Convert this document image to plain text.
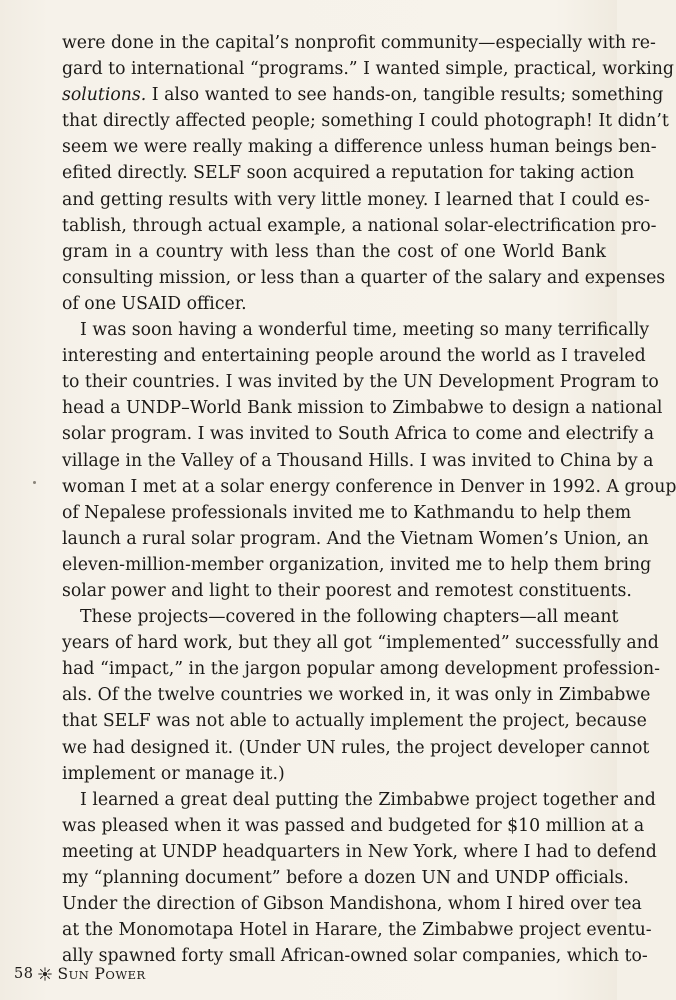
were done in the capital’s nonprofit community—especially with re-
gard to international “programs.” I wanted simple, practical, working
solutions. I also wanted to see hands-on, tangible results; something
that directly affected people; something I could photograph! It didn’t
seem we were really making a difference unless human beings ben-
efited directly. SELF soon acquired a reputation for taking action
and getting results with very little money. I learned that I could es-
tablish, through actual example, a national solar-electrification pro-
gram in a country with less than the cost of one World Bank
consulting mission, or less than a quarter of the salary and expenses
of one USAID officer.
I was soon having a wonderful time, meeting so many terrifically
interesting and entertaining people around the world as I traveled
to their countries. I was invited by the UN Development Program to
head a UNDP–World Bank mission to Zimbabwe to design a national
solar program. I was invited to South Africa to come and electrify a
village in the Valley of a Thousand Hills. I was invited to China by a
woman I met at a solar energy conference in Denver in 1992. A group
of Nepalese professionals invited me to Kathmandu to help them
launch a rural solar program. And the Vietnam Women’s Union, an
eleven-million-member organization, invited me to help them bring
solar power and light to their poorest and remotest constituents.
These projects—covered in the following chapters—all meant
years of hard work, but they all got “implemented” successfully and
had “impact,” in the jargon popular among development profession-
als. Of the twelve countries we worked in, it was only in Zimbabwe
that SELF was not able to actually implement the project, because
we had designed it. (Under UN rules, the project developer cannot
implement or manage it.)
I learned a great deal putting the Zimbabwe project together and
was pleased when it was passed and budgeted for $10 million at a
meeting at UNDP headquarters in New York, where I had to defend
my “planning document” before a dozen UN and UNDP officials.
Under the direction of Gibson Mandishona, whom I hired over tea
at the Monomotapa Hotel in Harare, the Zimbabwe project eventu-
ally spawned forty small African-owned solar companies, which to-
58 SUN POWER
